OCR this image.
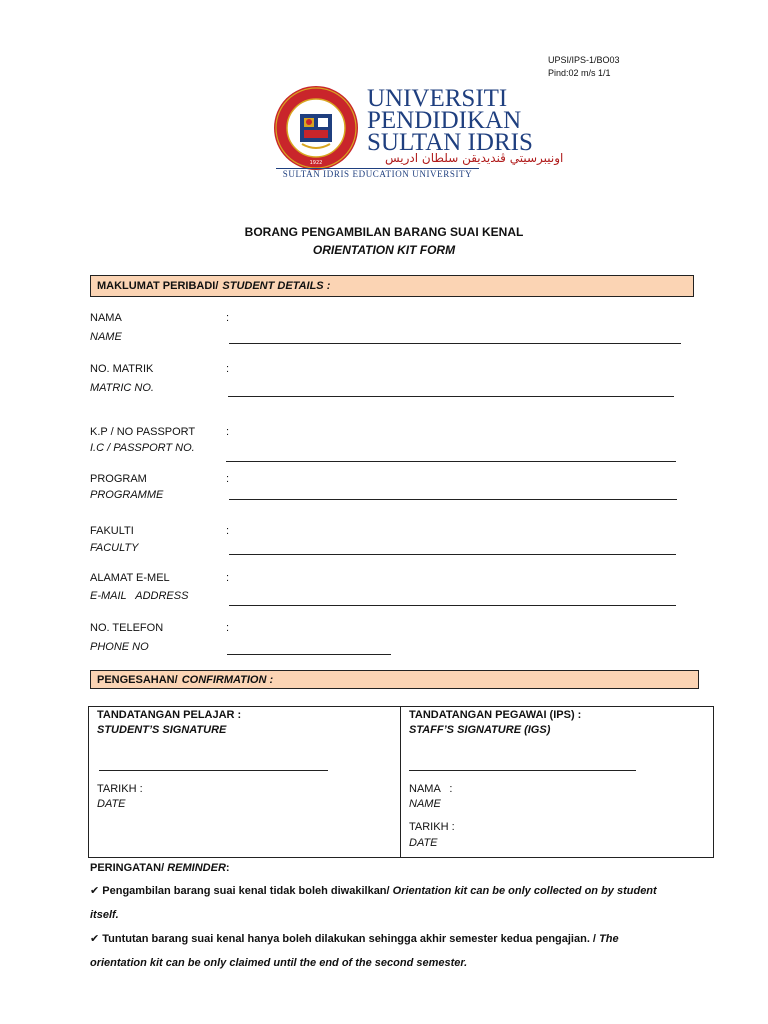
UPSI/IPS-1/BO03
Pind:02 m/s 1/1
1922
UNIVERSITI
PENDIDIKAN
SULTAN IDRIS
اونيبرسيتي ڤنديديقن سلطان ادريس
SULTAN IDRIS EDUCATION UNIVERSITY
BORANG PENGAMBILAN BARANG SUAI KENAL
ORIENTATION KIT FORM
MAKLUMAT PERIBADI/ STUDENT DETAILS :
NAMA
NAME
:
NO. MATRIK
MATRIC NO.
:
K.P / NO PASSPORT
I.C / PASSPORT NO.
:
PROGRAM
PROGRAMME
:
FAKULTI
FACULTY
:
ALAMAT E-MEL
E-MAIL   ADDRESS
:
NO. TELEFON
PHONE NO
:
PENGESAHAN/ CONFIRMATION :
TANDATANGAN PELAJAR :
STUDENT’S SIGNATURE
TARIKH :
DATE
TANDATANGAN PEGAWAI (IPS) :
STAFF’S SIGNATURE (IGS)
NAMA   :
NAME
TARIKH :
DATE
PERINGATAN/ REMINDER:
✔ Pengambilan barang suai kenal tidak boleh diwakilkan/ Orientation kit can be only collected on by student
itself.
✔ Tuntutan barang suai kenal hanya boleh dilakukan sehingga akhir semester kedua pengajian. / The
orientation kit can be only claimed until the end of the second semester.
